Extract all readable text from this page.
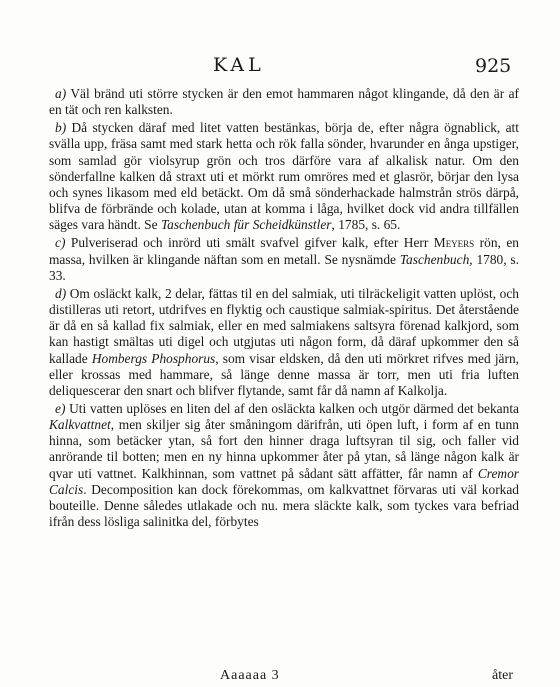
KAL	925

a) Väl bränd uti större stycken är den emot hammaren något klingande, då den är af en tät och ren kalksten.

b) Då stycken däraf med litet vatten bestänkas, börja de, efter några ögnablick, att svälla upp, fräsa samt med stark hetta och rök falla sönder, hvarunder en ånga upstiger, som samlad gör violsyrup grön och tros därföre vara af alkalisk natur. Om den sönderfallne kalken då straxt uti et mörkt rum omröres med et glasrör, börjar den lysa och synes likasom med eld betäckt. Om då små sönderhackade halmstrån strös därpå, blifva de förbrände och kolade, utan at komma i låga, hvilket dock vid andra tillfällen säges vara händt. Se Taschenbuch für Scheidkünstler, 1785, s. 65.

c) Pulveriserad och inrörd uti smält svafvel gifver kalk, efter Herr Meyers rön, en massa, hvilken är klingande näftan som en metall. Se nysnämde Taschenbuch, 1780, s. 33.

d) Om osläckt kalk, 2 delar, fättas til en del salmiak, uti tilräckeligit vatten uplöst, och distilleras uti retort, utdrifves en flyktig och caustique salmiak-spiritus. Det återstående är då en så kallad fix salmiak, eller en med salmiakens saltsyra förenad kalkjord, som kan hastigt smältas uti digel och utgjutas uti någon form, då däraf upkommer den så kallade Hombergs Phosphorus, som visar eldsken, då den uti mörkret rifves med järn, eller krossas med hammare, så länge denne massa är torr, men uti fria luften deliquescerar den snart och blifver flytande, samt får då namn af Kalkolja.

e) Uti vatten uplöses en liten del af den osläckta kalken och utgör därmed det bekanta Kalkvattnet, men skiljer sig åter småningom därifrån, uti öpen luft, i form af en tunn hinna, som betäcker ytan, så fort den hinner draga luftsyran til sig, och faller vid anrörande til botten; men en ny hinna upkommer åter på ytan, så länge någon kalk är qvar uti vattnet. Kalkhinnan, som vattnet på sådant sätt affätter, får namn af Cremor Calcis. Decomposition kan dock förekommas, om kalkvattnet förvaras uti väl korkad bouteille. Denne således utlakade och nu. mera släckte kalk, som tyckes vara befriad ifrån dess lösliga salinitka del, förbytes

Aaaaaa 3	åter
